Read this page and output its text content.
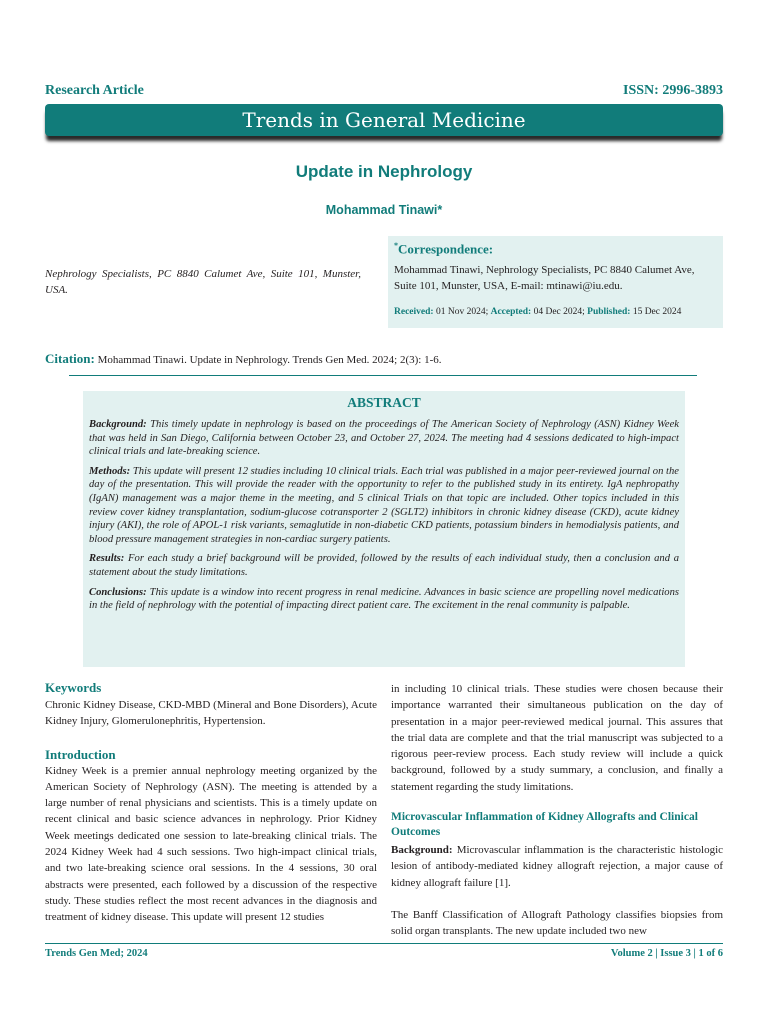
Research Article	ISSN: 2996-3893
Trends in General Medicine
Update in Nephrology
Mohammad Tinawi*
Nephrology Specialists, PC 8840 Calumet Ave, Suite 101, Munster, USA.
*Correspondence:
Mohammad Tinawi, Nephrology Specialists, PC 8840 Calumet Ave, Suite 101, Munster, USA, E-mail: mtinawi@iu.edu.
Received: 01 Nov 2024; Accepted: 04 Dec 2024; Published: 15 Dec 2024
Citation: Mohammad Tinawi. Update in Nephrology. Trends Gen Med. 2024; 2(3): 1-6.
ABSTRACT

Background: This timely update in nephrology is based on the proceedings of The American Society of Nephrology (ASN) Kidney Week that was held in San Diego, California between October 23, and October 27, 2024. The meeting had 4 sessions dedicated to high-impact clinical trials and late-breaking science.

Methods: This update will present 12 studies including 10 clinical trials. Each trial was published in a major peer-reviewed journal on the day of the presentation. This will provide the reader with the opportunity to refer to the published study in its entirety. IgA nephropathy (IgAN) management was a major theme in the meeting, and 5 clinical Trials on that topic are included. Other topics included in this review cover kidney transplantation, sodium-glucose cotransporter 2 (SGLT2) inhibitors in chronic kidney disease (CKD), acute kidney injury (AKI), the role of APOL-1 risk variants, semaglutide in non-diabetic CKD patients, potassium binders in hemodialysis patients, and blood pressure management strategies in non-cardiac surgery patients.

Results: For each study a brief background will be provided, followed by the results of each individual study, then a conclusion and a statement about the study limitations.

Conclusions: This update is a window into recent progress in renal medicine. Advances in basic science are propelling novel medications in the field of nephrology with the potential of impacting direct patient care. The excitement in the renal community is palpable.

Keywords
Chronic Kidney Disease, CKD-MBD (Mineral and Bone Disorders), Acute Kidney Injury, Glomerulonephritis, Hypertension.
Introduction
Kidney Week is a premier annual nephrology meeting organized by the American Society of Nephrology (ASN). The meeting is attended by a large number of renal physicians and scientists. This is a timely update on recent clinical and basic science advances in nephrology. Prior Kidney Week meetings dedicated one session to late-breaking clinical trials. The 2024 Kidney Week had 4 such sessions. Two high-impact clinical trials, and two late-breaking science oral sessions. In the 4 sessions, 30 oral abstracts were presented, each followed by a discussion of the respective study. These studies reflect the most recent advances in the diagnosis and treatment of kidney disease. This update will present 12 studies
in including 10 clinical trials. These studies were chosen because their importance warranted their simultaneous publication on the day of presentation in a major peer-reviewed medical journal. This assures that the trial data are complete and that the trial manuscript was subjected to a rigorous peer-review process. Each study review will include a quick background, followed by a study summary, a conclusion, and finally a statement regarding the study limitations.
Microvascular Inflammation of Kidney Allografts and Clinical Outcomes
Background: Microvascular inflammation is the characteristic histologic lesion of antibody-mediated kidney allograft rejection, a major cause of kidney allograft failure [1].
The Banff Classification of Allograft Pathology classifies biopsies from solid organ transplants. The new update included two new
Trends Gen Med; 2024	Volume 2 | Issue 3 | 1 of 6
